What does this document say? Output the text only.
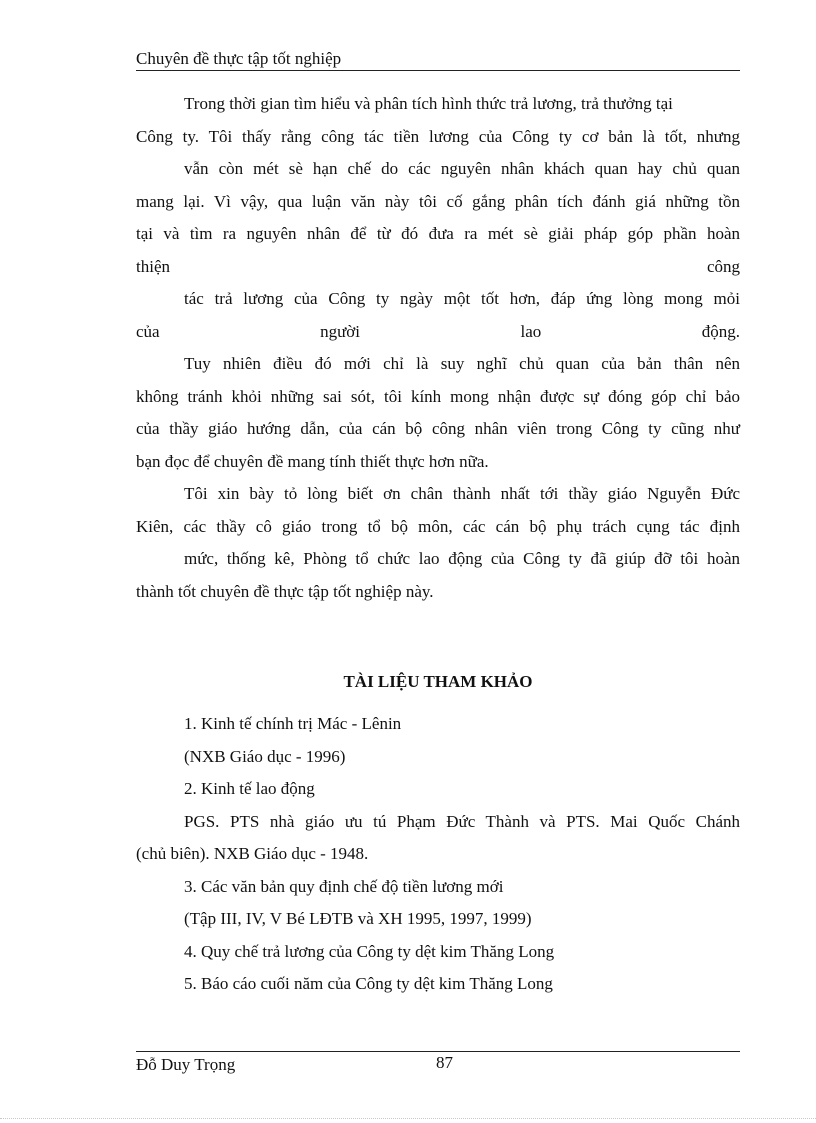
Chuyên đề thực tập tốt nghiệp
Trong thời gian tìm hiểu và phân tích hình thức trả lương, trả thưởng tại
Công ty. Tôi thấy rằng công tác tiền lương của Công ty cơ bản là tốt, nhưng
vẫn còn mét sè hạn chế do các nguyên nhân khách quan hay chủ quan
mang lại. Vì vậy, qua luận văn này tôi cố gắng phân tích đánh giá những tồn
tại và tìm ra nguyên nhân để từ đó đưa ra mét sè giải pháp góp phần hoàn
thiện công
tác trả lương của Công ty ngày một tốt hơn, đáp ứng lòng mong mỏi
của người lao động.
Tuy nhiên điều đó mới chỉ là suy nghĩ chủ quan của bản thân nên
không tránh khỏi những sai sót, tôi kính mong nhận được sự đóng góp chỉ bảo
của thầy giáo hướng dẫn, của cán bộ công nhân viên trong Công ty cũng như
bạn đọc để chuyên đề mang tính thiết thực hơn nữa.
Tôi xin bày tỏ lòng biết ơn chân thành nhất tới thầy giáo Nguyễn Đức
Kiên, các thầy cô giáo trong tổ bộ môn, các cán bộ phụ trách cụng tác định
mức, thống kê, Phòng tổ chức lao động của Công ty đã giúp đỡ tôi hoàn
thành tốt chuyên đề thực tập tốt nghiệp này.
TÀI LIỆU THAM KHẢO
1. Kinh tế chính trị Mác - Lênin
(NXB Giáo dục - 1996)
2. Kinh tế lao động
PGS. PTS nhà giáo ưu tú Phạm Đức Thành và PTS. Mai Quốc Chánh
(chủ biên). NXB Giáo dục - 1948.
3. Các văn bản quy định chế độ tiền lương mới
(Tập III, IV, V Bé LĐTB và XH 1995, 1997, 1999)
4. Quy chế trả lương của Công ty dệt kim Thăng Long
5. Báo cáo cuối năm của Công ty dệt kim Thăng Long
Đỗ Duy Trọng	87
